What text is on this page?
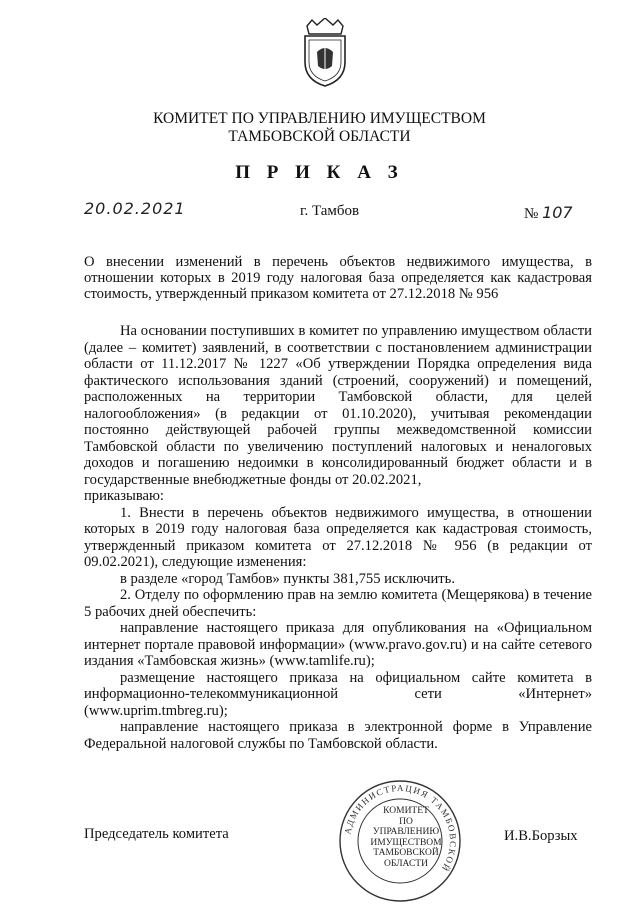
КОМИТЕТ ПО УПРАВЛЕНИЮ ИМУЩЕСТВОМ
ТАМБОВСКОЙ ОБЛАСТИ
П Р И К А З
20.02.2021	г. Тамбов	№ 107
О внесении изменений в перечень объектов недвижимого имущества, в отношении которых в 2019 году налоговая база определяется как кадастровая стоимость, утвержденный приказом комитета от 27.12.2018 № 956

На основании поступивших в комитет по управлению имуществом области (далее – комитет) заявлений, в соответствии с постановлением администрации области от 11.12.2017 № 1227 «Об утверждении Порядка определения вида фактического использования зданий (строений, сооружений) и помещений, расположенных на территории Тамбовской области, для целей налогообложения» (в редакции от 01.10.2020), учитывая рекомендации постоянно действующей рабочей группы межведомственной комиссии Тамбовской области по увеличению поступлений налоговых и неналоговых доходов и погашению недоимки в консолидированный бюджет области и в государственные внебюджетные фонды от 20.02.2021,

приказываю:

1. Внести в перечень объектов недвижимого имущества, в отношении которых в 2019 году налоговая база определяется как кадастровая стоимость, утвержденный приказом комитета от 27.12.2018 № 956 (в редакции от 09.02.2021), следующие изменения:

в разделе «город Тамбов» пункты 381,755 исключить.

2. Отделу по оформлению прав на землю комитета (Мещерякова) в течение 5 рабочих дней обеспечить:

направление настоящего приказа для опубликования на «Официальном интернет портале правовой информации» (www.pravo.gov.ru) и на сайте сетевого издания «Тамбовская жизнь» (www.tamlife.ru);

размещение настоящего приказа на официальном сайте комитета в информационно-телекоммуникационной сети «Интернет» (www.uprim.tmbreg.ru);

направление настоящего приказа в электронной форме в Управление Федеральной налоговой службы по Тамбовской области.

АДМИНИСТРАЦИЯ ТАМБОВСКОЙ
КОМИТЕТ
ПО УПРАВЛЕНИЮ
ИМУЩЕСТВОМ
ТАМБОВСКОЙ
ОБЛАСТИ
Председатель комитета	И.В.Борзых
